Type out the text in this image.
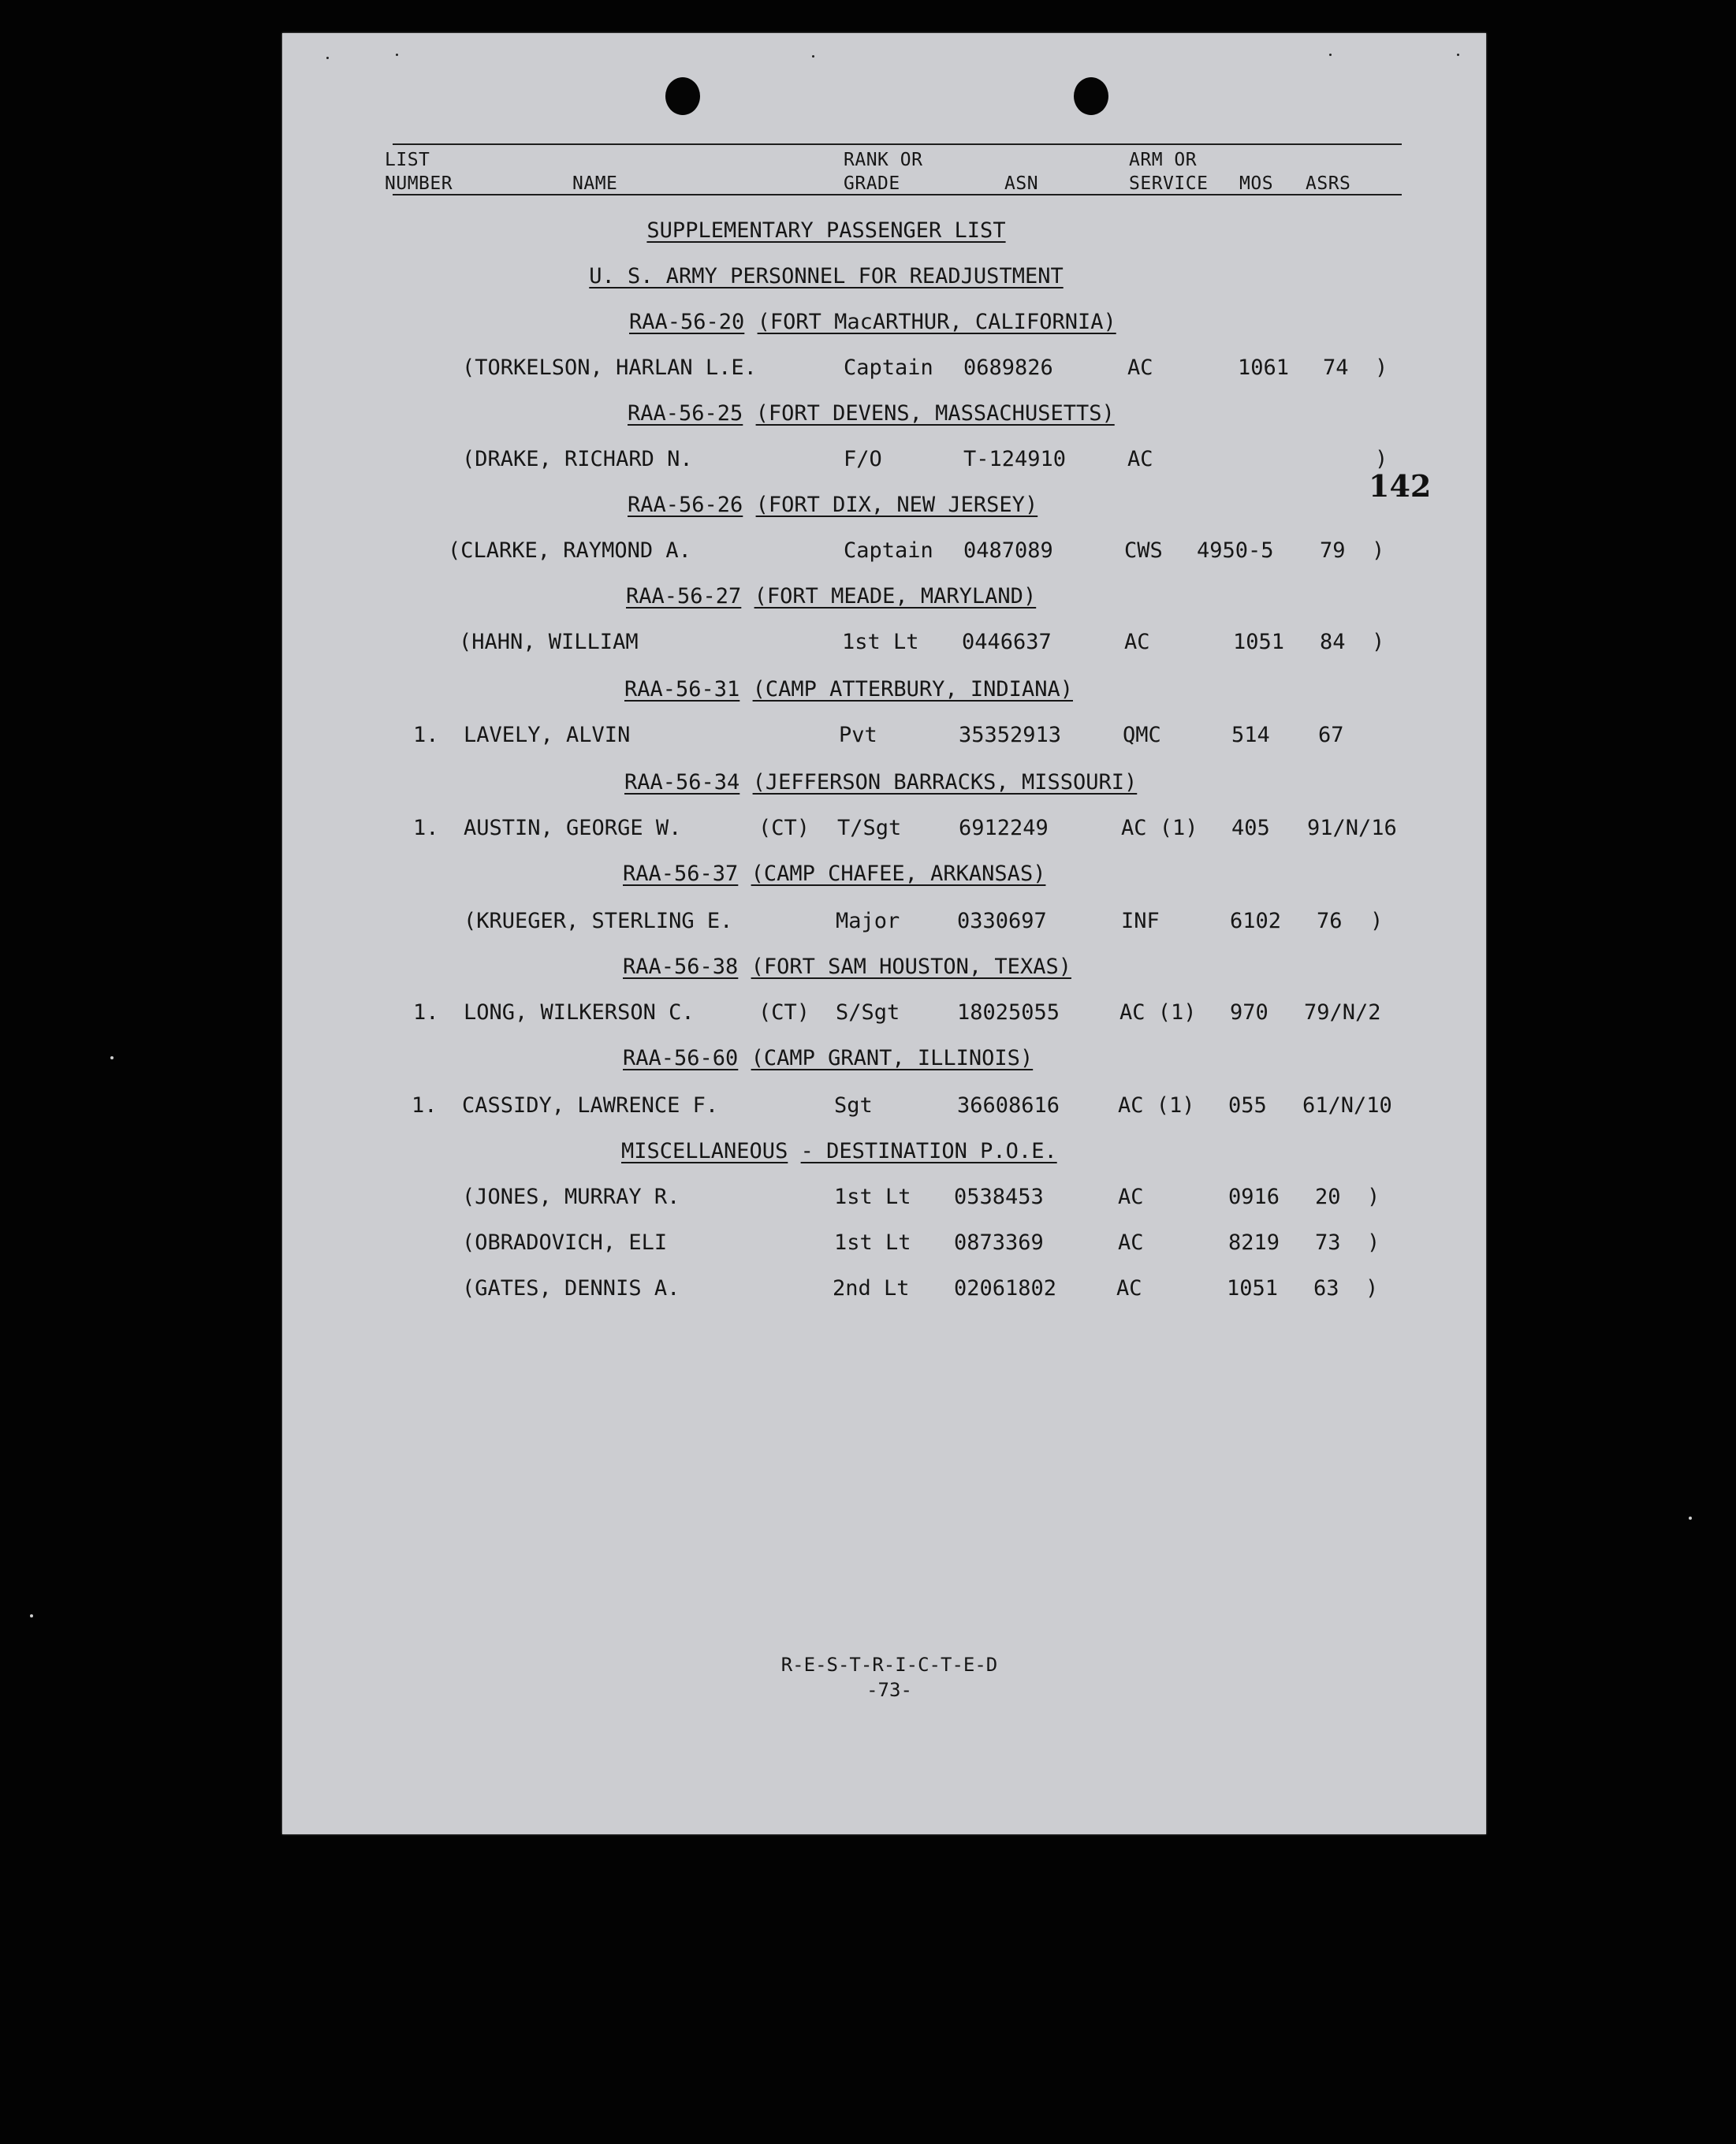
LIST
NUMBER	NAME
RANK OR
GRADE	ASN
ARM OR
SERVICE MOS ASRS
SUPPLEMENTARY PASSENGER LIST
U. S. ARMY PERSONNEL FOR READJUSTMENT
142
RAA-56-20 (FORT MacARTHUR, CALIFORNIA)
(TORKELSON, HARLAN L.E.	Captain 0689826	AC	1061 74 )
RAA-56-25 (FORT DEVENS, MASSACHUSETTS)
(DRAKE, RICHARD N.	F/O	T-124910	AC	)
RAA-56-26 (FORT DIX, NEW JERSEY)
(CLARKE, RAYMOND A.	Captain 0487089	CWS 4950-5 79 )
RAA-56-27 (FORT MEADE, MARYLAND)
(HAHN, WILLIAM	1st Lt 0446637	AC	1051 84 )
RAA-56-31 (CAMP ATTERBURY, INDIANA)
1. LAVELY, ALVIN	Pvt	35352913	QMC	514 67
RAA-56-34 (JEFFERSON BARRACKS, MISSOURI)
1. AUSTIN, GEORGE W.	(CT) T/Sgt	6912249	AC (1) 405 91/N/16
RAA-56-37 (CAMP CHAFEE, ARKANSAS)
(KRUEGER, STERLING E.	Major	0330697	INF	6102 76 )
RAA-56-38 (FORT SAM HOUSTON, TEXAS)
1. LONG, WILKERSON C.	(CT) S/Sgt	18025055	AC (1) 970 79/N/2
RAA-56-60 (CAMP GRANT, ILLINOIS)
1. CASSIDY, LAWRENCE F.	Sgt	36608616	AC (1) 055 61/N/10
MISCELLANEOUS - DESTINATION P.O.E.
(JONES, MURRAY R.	1st Lt 0538453	AC	0916 20 )
(OBRADOVICH, ELI	1st Lt 0873369	AC	8219 73 )
(GATES, DENNIS A.	2nd Lt 02061802	AC	1051 63 )
R-E-S-T-R-I-C-T-E-D
-73-
